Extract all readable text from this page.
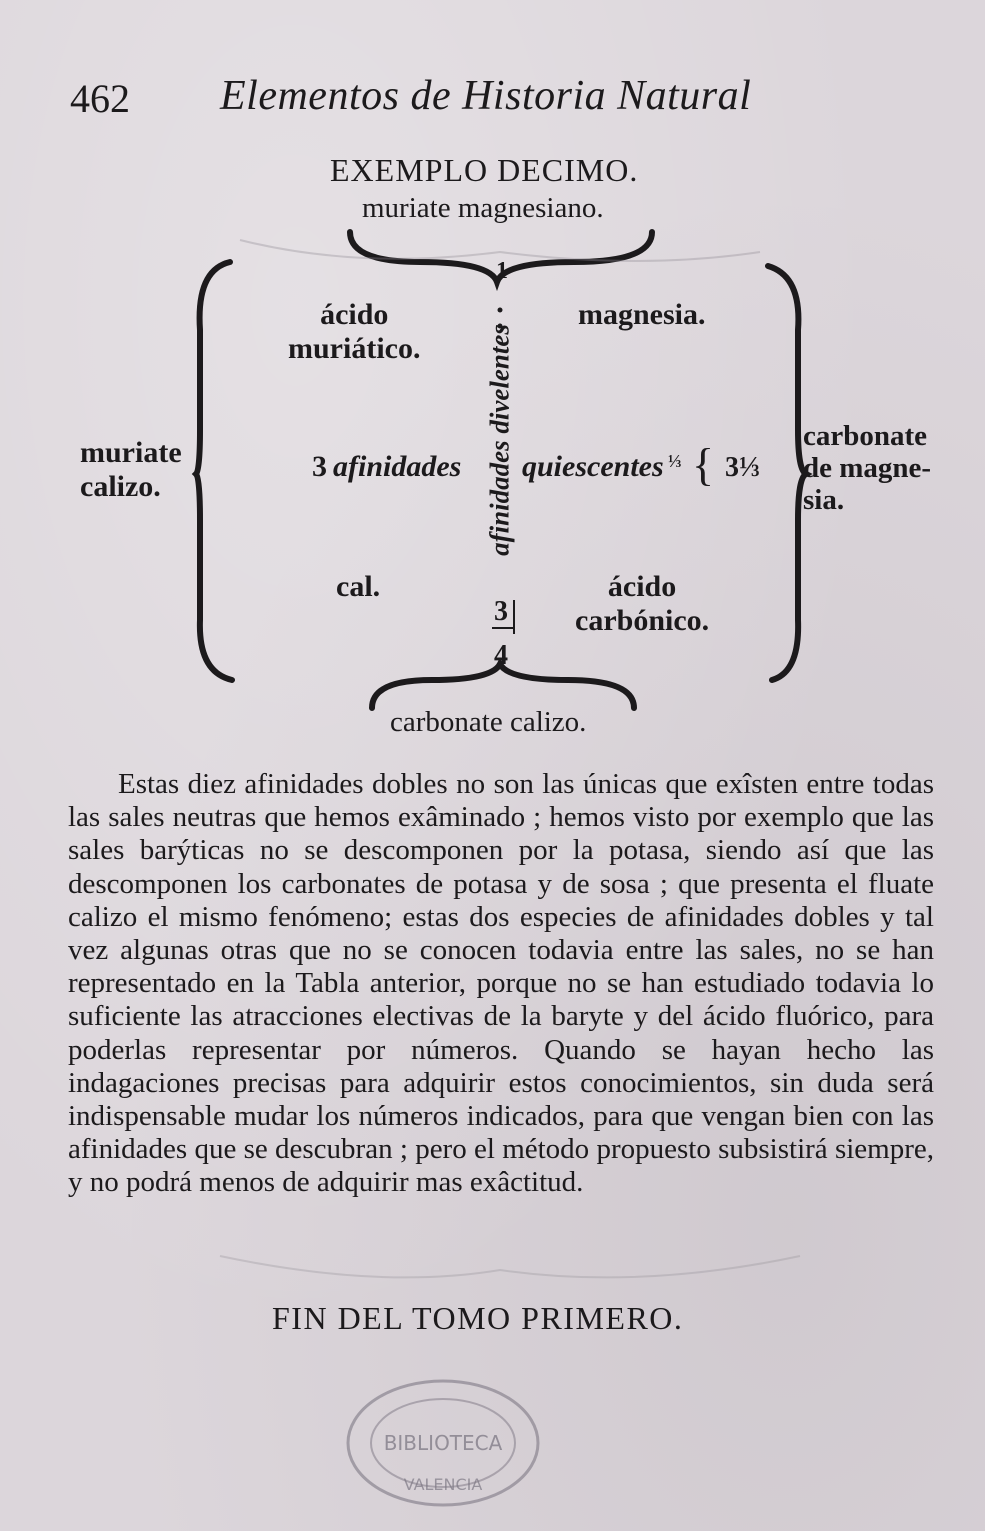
462 Elementos de Historia Natural
EXEMPLO DECIMO.
muriate magnesiano.
ácido
muriático.
magnesia.
cal.	ácido
carbónico.
muriate
calizo.
carbonate
de magne-
sia.
3 afinidades quiescentes ⅓ { 3⅓
afinidades divelentes
1
3
4
carbonate calizo.

Estas diez afinidades dobles no son las únicas que exîsten entre todas las sales neutras que hemos exâminado ; hemos visto por exemplo que las sales barýticas no se descomponen por la potasa, siendo así que las descomponen los carbonates de potasa y de sosa ; que presenta el fluate calizo el mismo fenómeno; estas dos especies de afinidades dobles y tal vez algunas otras que no se conocen todavia entre las sales, no se han representado en la Tabla anterior, porque no se han estudiado todavia lo suficiente las atracciones electivas de la baryte y del ácido fluórico, para poderlas representar por números. Quando se hayan hecho las indagaciones precisas para adquirir estos conocimientos, sin duda será indispensable mudar los números indicados, para que vengan bien con las afinidades que se descubran ; pero el método propuesto subsistirá siempre, y no podrá menos de adquirir mas exâctitud.

FIN DEL TOMO PRIMERO.
BIBLIOTECA
VALENCIA
